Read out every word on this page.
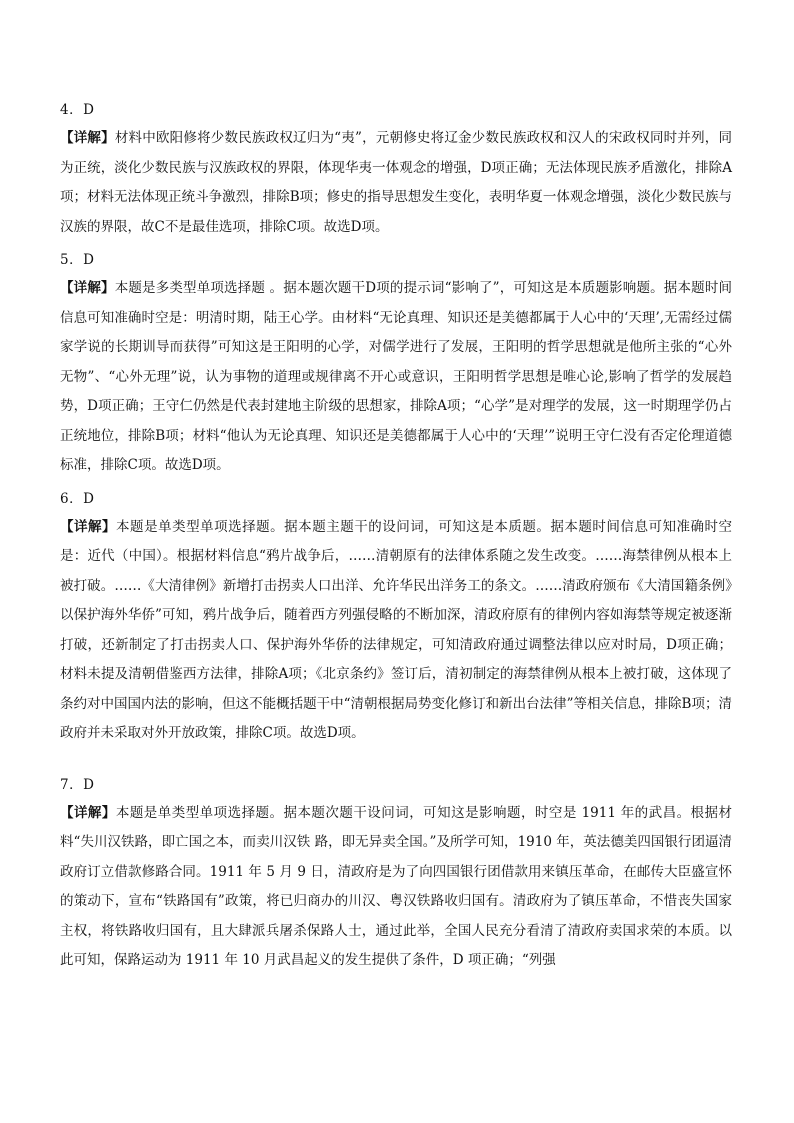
4．D
【详解】材料中欧阳修将少数民族政权辽归为“夷”，元朝修史将辽金少数民族政权和汉人的宋政权同时并列，同为正统，淡化少数民族与汉族政权的界限，体现华夷一体观念的增强，D项正确；无法体现民族矛盾激化，排除A项；材料无法体现正统斗争激烈，排除B项；修史的指导思想发生变化，表明华夏一体观念增强，淡化少数民族与汉族的界限，故C不是最佳选项，排除C项。故选D项。
5．D
【详解】本题是多类型单项选择题 。据本题次题干D项的提示词“影响了”，可知这是本质题影响题。据本题时间信息可知准确时空是：明清时期，陆王心学。由材料“无论真理、知识还是美德都属于人心中的‘天理’,无需经过儒家学说的长期训导而获得”可知这是王阳明的心学，对儒学进行了发展，王阳明的哲学思想就是他所主张的“心外无物”、“心外无理”说，认为事物的道理或规律离不开心或意识，王阳明哲学思想是唯心论,影响了哲学的发展趋势，D项正确；王守仁仍然是代表封建地主阶级的思想家，排除A项；“心学”是对理学的发展，这一时期理学仍占正统地位，排除B项；材料“他认为无论真理、知识还是美德都属于人心中的‘天理’”说明王守仁没有否定伦理道德标准，排除C项。故选D项。
6．D
【详解】本题是单类型单项选择题。据本题主题干的设问词，可知这是本质题。据本题时间信息可知准确时空是：近代（中国）。根据材料信息“鸦片战争后，……清朝原有的法律体系随之发生改变。……海禁律例从根本上被打破。……《大清律例》新增打击拐卖人口出洋、允许华民出洋务工的条文。……清政府颁布《大清国籍条例》以保护海外华侨”可知，鸦片战争后，随着西方列强侵略的不断加深，清政府原有的律例内容如海禁等规定被逐渐打破，还新制定了打击拐卖人口、保护海外华侨的法律规定，可知清政府通过调整法律以应对时局，D项正确；材料未提及清朝借鉴西方法律，排除A项；《北京条约》签订后，清初制定的海禁律例从根本上被打破，这体现了条约对中国国内法的影响，但这不能概括题干中“清朝根据局势变化修订和新出台法律”等相关信息，排除B项；清政府并未采取对外开放政策，排除C项。故选D项。
7．D
【详解】本题是单类型单项选择题。据本题次题干设问词，可知这是影响题，时空是 1911 年的武昌。根据材料“失川汉铁路，即亡国之本，而卖川汉铁 路，即无异卖全国。”及所学可知，1910 年，英法德美四国银行团逼清政府订立借款修路合同。1911 年 5 月 9 日，清政府是为了向四国银行团借款用来镇压革命，在邮传大臣盛宣怀的策动下，宣布“铁路国有”政策，将已归商办的川汉、粤汉铁路收归国有。清政府为了镇压革命，不惜丧失国家主权，将铁路收归国有，且大肆派兵屠杀保路人士，通过此举，全国人民充分看清了清政府卖国求荣的本质。以此可知，保路运动为 1911 年 10 月武昌起义的发生提供了条件，D 项正确；“列强
